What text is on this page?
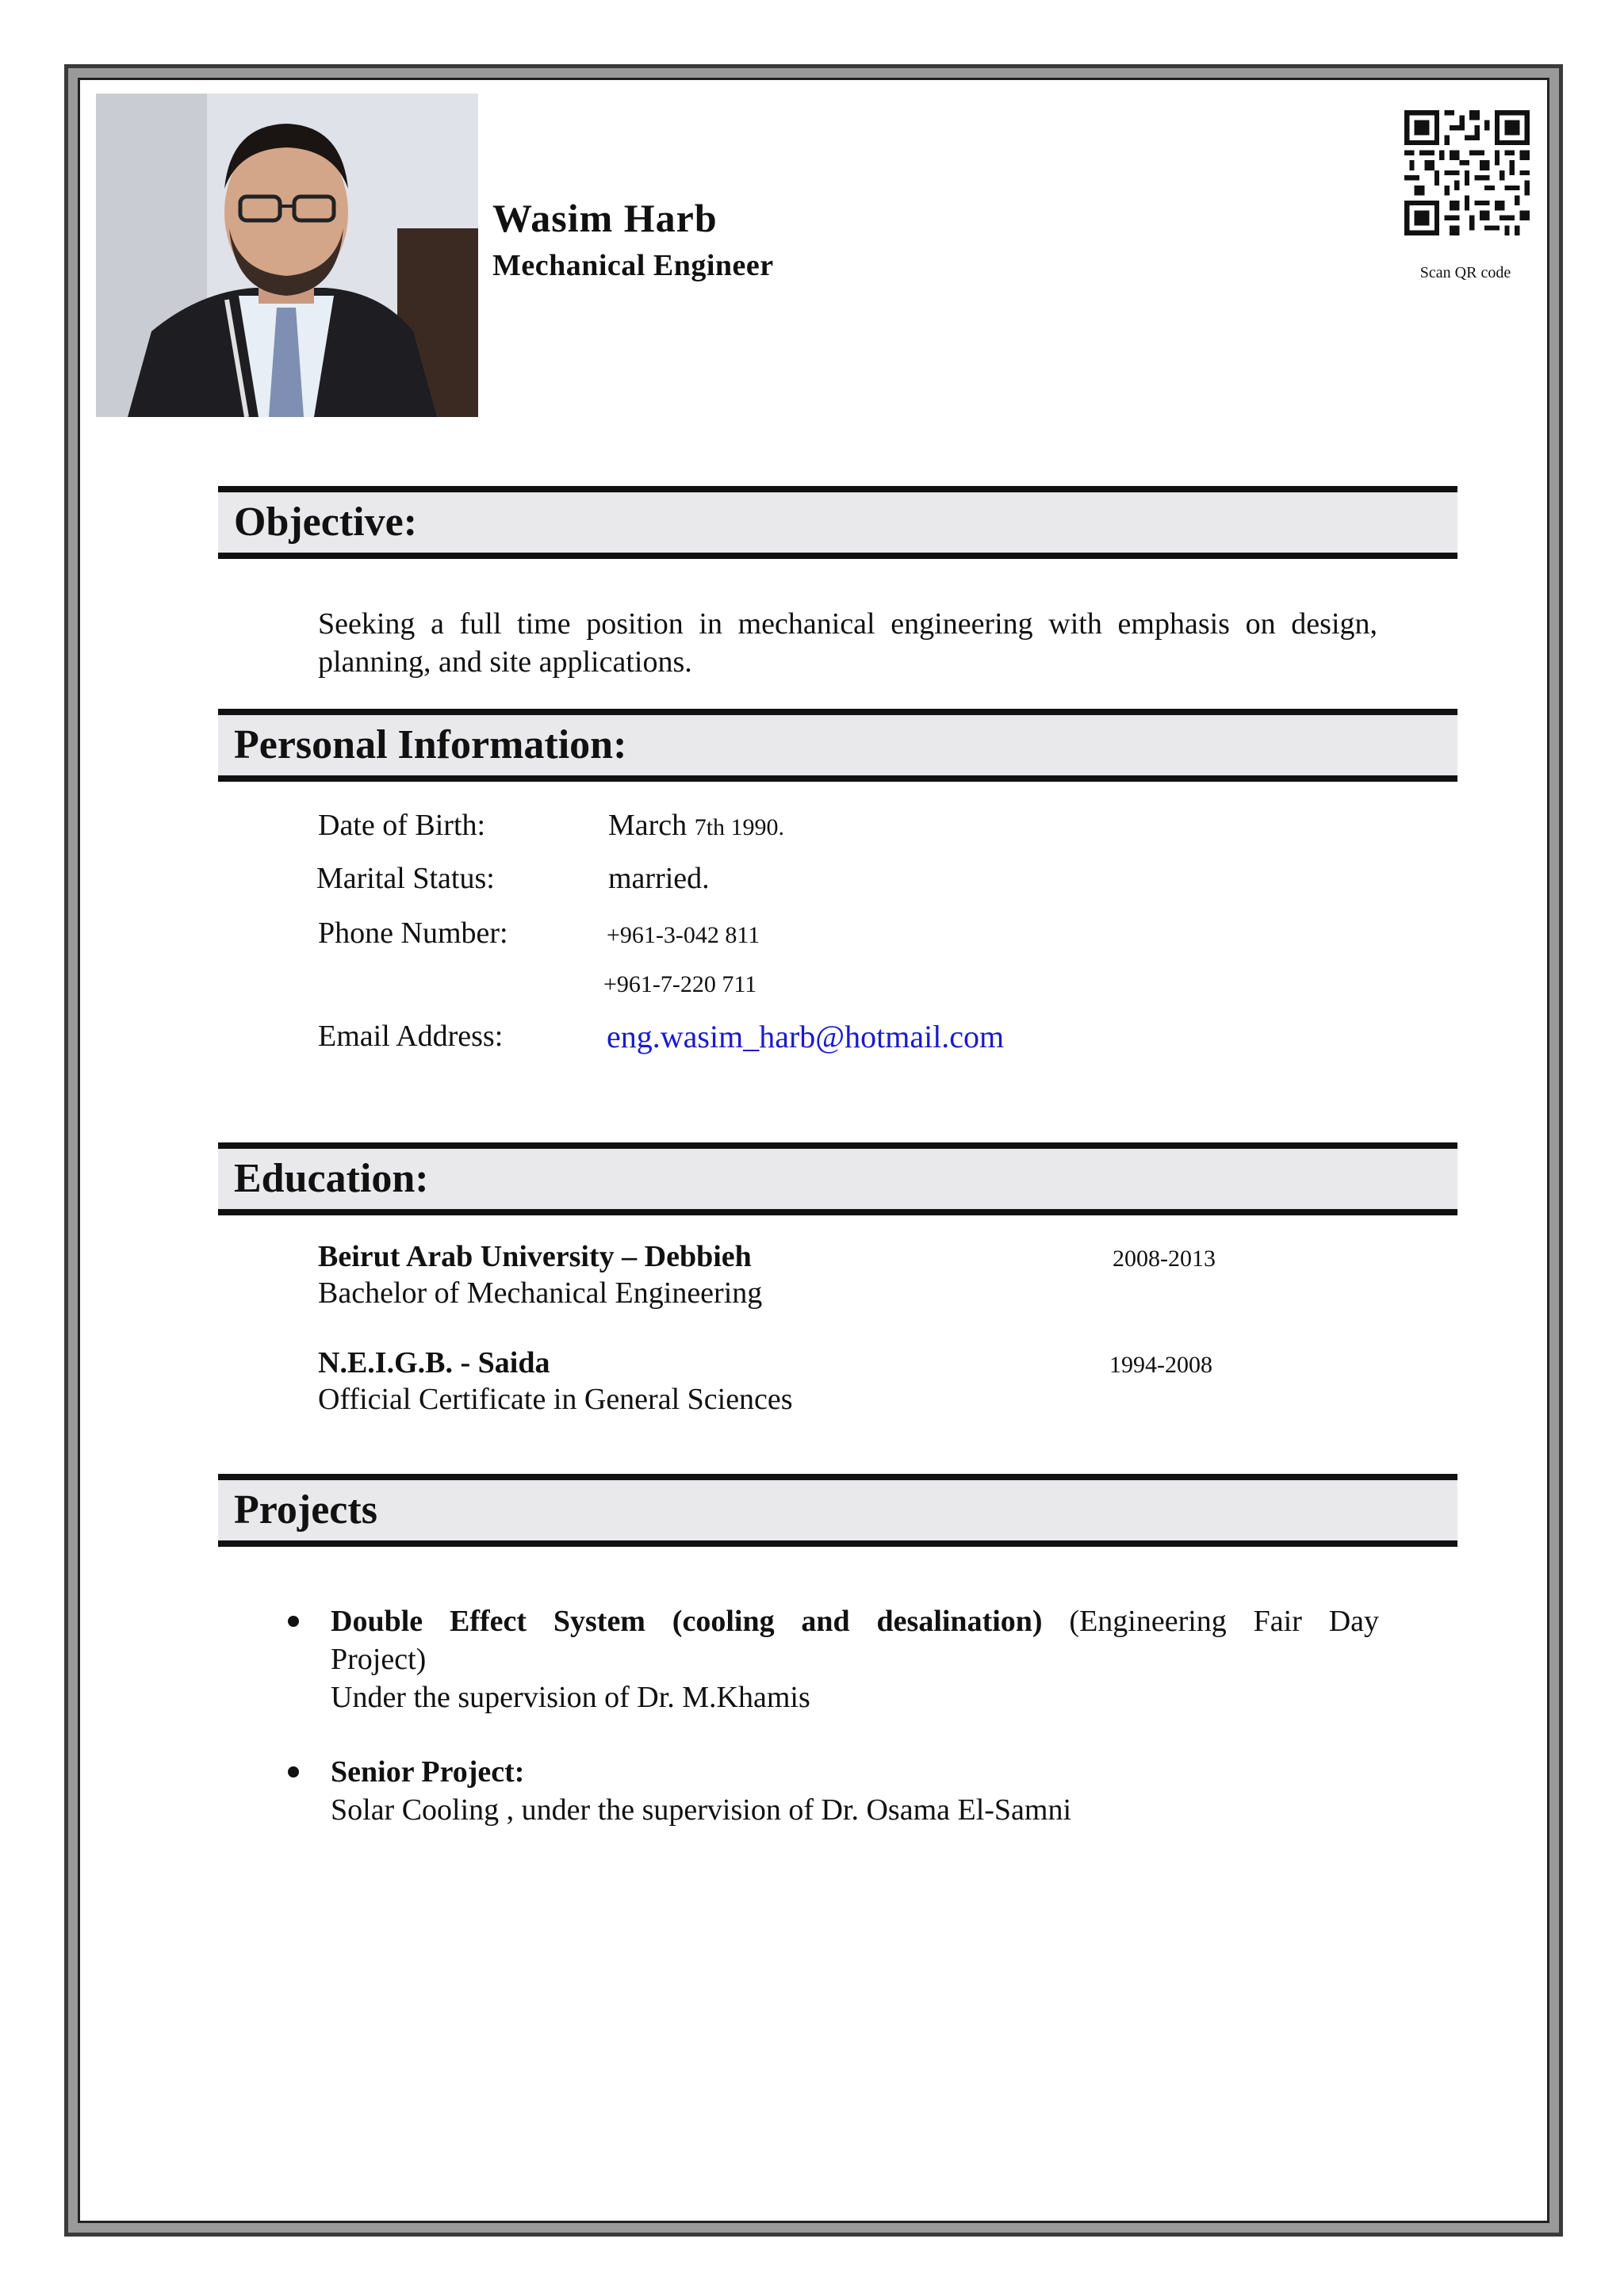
Wasim Harb
Mechanical Engineer	Scan QR code
Objective:
Seeking a full time position in mechanical engineering with emphasis on design, planning, and site applications.
Personal Information:
Date of Birth:	March 7th 1990.
Marital Status:	married.
Phone Number:	+961-3-042 811
+961-7-220 711
Email Address:	eng.wasim_harb@hotmail.com
Education:
Beirut Arab University – Debbieh	2008-2013
Bachelor of Mechanical Engineering
N.E.I.G.B. - Saida	1994-2008
Official Certificate in General Sciences
Projects
Double Effect System (cooling and desalination) (Engineering Fair Day
Project)
Under the supervision of Dr. M.Khamis
Senior Project:
Solar Cooling , under the supervision of Dr. Osama El-Samni
